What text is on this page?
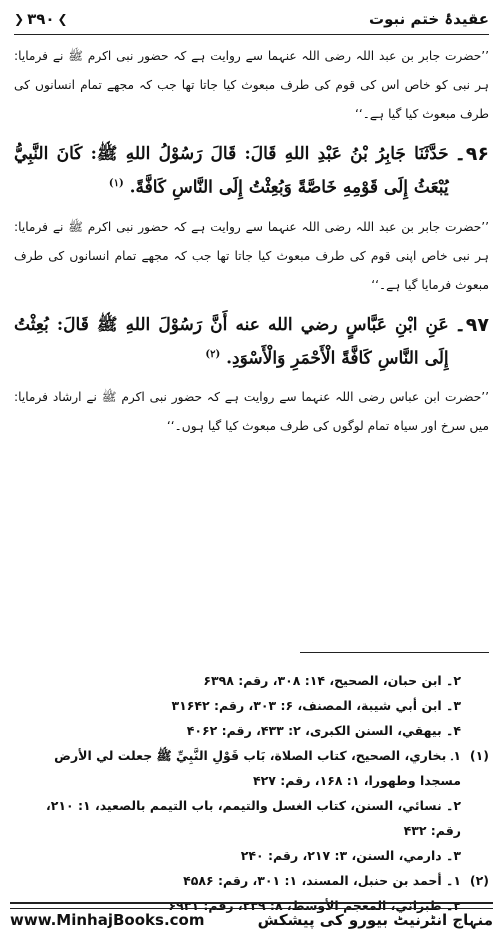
عقیدۂ ختم نبوت
❯
۳۹۰
❮

’’حضرت جابر بن عبد اللہ رضی اللہ عنہما سے روایت ہے کہ حضور نبی اکرم ﷺ نے فرمایا: ہر نبی کو خاص اس کی قوم کی طرف مبعوث کیا جاتا تھا جب کہ مجھے تمام انسانوں کی طرف مبعوث کیا گیا ہے۔‘‘

۹۶۔
حَدَّثَنَا جَابِرُ بْنُ عَبْدِ اللهِ قَالَ: قَالَ رَسُوْلُ اللهِ ﷺ: كَانَ النَّبِيُّ يُبْعَثُ إِلَى قَوْمِهِ خَاصَّةً وَبُعِثْتُ إِلَى النَّاسِ كَافَّةً. $^{(۱)}$

’’حضرت جابر بن عبد اللہ رضی اللہ عنہما سے روایت ہے کہ حضور نبی اکرم ﷺ نے فرمایا: ہر نبی خاص اپنی قوم کی طرف مبعوث کیا جاتا تھا جب کہ مجھے تمام انسانوں کی طرف مبعوث فرمایا گیا ہے۔‘‘

۹۷۔
عَنِ ابْنِ عَبَّاسٍ رضي الله عنه أَنَّ رَسُوْلَ اللهِ ﷺ قَالَ: بُعِثْتُ إِلَى النَّاسِ كَافَّةً الْأَحْمَرِ وَالْأَسْوَدِ. $^{(۲)}$

’’حضرت ابن عباس رضی اللہ عنہما سے روایت ہے کہ حضور نبی اکرم ﷺ نے ارشاد فرمایا: میں سرخ اور سیاہ تمام لوگوں کی طرف مبعوث کیا گیا ہوں۔‘‘

۲۔ ابن حبان، الصحيح، ۱۴: ۳۰۸، رقم: ۶۳۹۸
۳۔ ابن أبي شيبة، المصنف، ۶: ۳۰۳، رقم: ۳۱۶۴۲
۴۔ بيهقي، السنن الكبرى، ۲: ۴۳۳، رقم: ۴۰۶۲
(۱)
۱۔ بخاري، الصحيح، كتاب الصلاة، بَاب قَوْلِ النَّبِيِّ ﷺ جعلت لي الأرض مسجدا وطهورا، ۱: ۱۶۸، رقم: ۴۲۷
۲۔ نسائي، السنن، كتاب الغسل والتيمم، باب التيمم بالصعيد، ۱: ۲۱۰، رقم: ۴۳۲
۳۔ دارمي، السنن، ۳: ۲۱۷، رقم: ۲۴۰
(۲)
۱۔ أحمد بن حنبل، المسند، ۱: ۳۰۱، رقم: ۴۵۸۶
۲۔ طبراني، المعجم الأوسط، ۸: ۲۳۹، رقم: ۶۹۳۱
www.MinhajBooks.com	منہاج انٹرنیٹ بیورو کی پیشکش
